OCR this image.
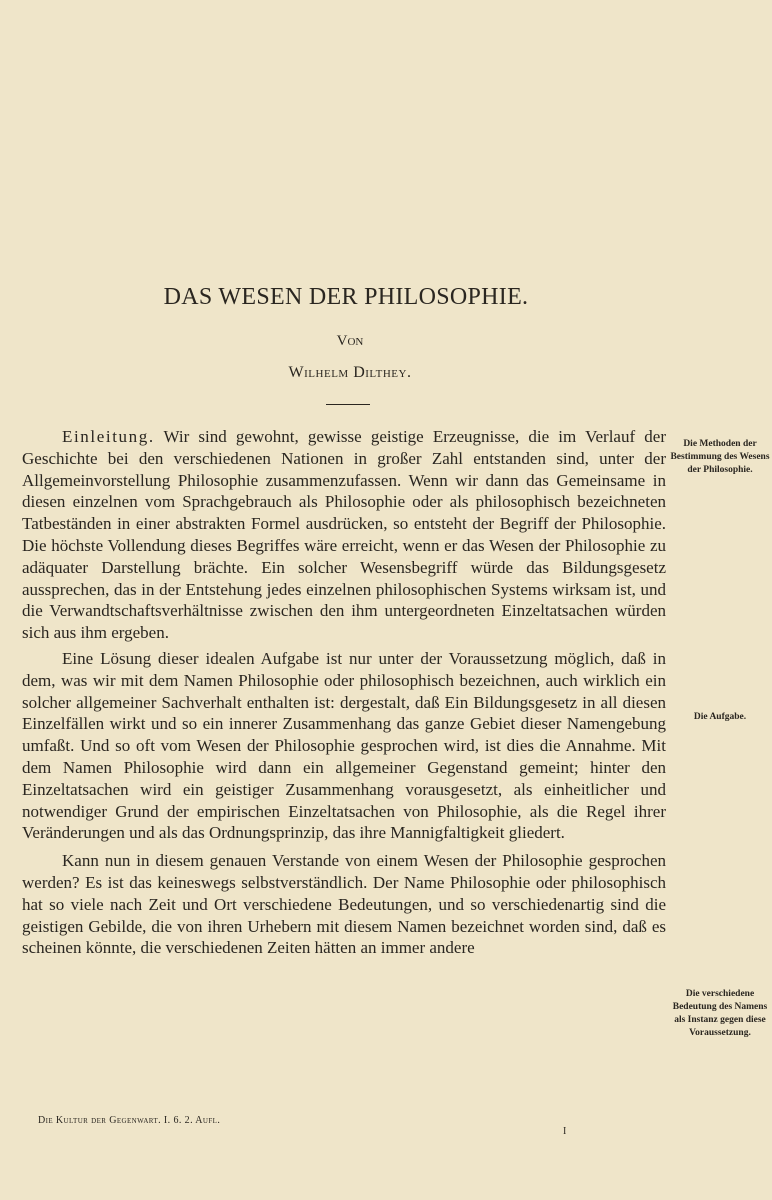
DAS WESEN DER PHILOSOPHIE.
Von
Wilhelm Dilthey.

Einleitung. Wir sind gewohnt, gewisse geistige Erzeugnisse, die im Verlauf der Geschichte bei den verschiedenen Nationen in großer Zahl entstanden sind, unter der Allgemeinvorstellung Philosophie zusammenzufassen. Wenn wir dann das Gemeinsame in diesen einzelnen vom Sprachgebrauch als Philosophie oder als philosophisch bezeichneten Tatbeständen in einer abstrakten Formel ausdrücken, so entsteht der Begriff der Philosophie. Die höchste Vollendung dieses Begriffes wäre erreicht, wenn er das Wesen der Philosophie zu adäquater Darstellung brächte. Ein solcher Wesensbegriff würde das Bildungsgesetz aussprechen, das in der Entstehung jedes einzelnen philosophischen Systems wirksam ist, und die Verwandtschaftsverhältnisse zwischen den ihm untergeordneten Einzeltatsachen würden sich aus ihm ergeben.

Eine Lösung dieser idealen Aufgabe ist nur unter der Voraussetzung möglich, daß in dem, was wir mit dem Namen Philosophie oder philosophisch bezeichnen, auch wirklich ein solcher allgemeiner Sachverhalt enthalten ist: dergestalt, daß Ein Bildungsgesetz in all diesen Einzelfällen wirkt und so ein innerer Zusammenhang das ganze Gebiet dieser Namengebung umfaßt. Und so oft vom Wesen der Philosophie gesprochen wird, ist dies die Annahme. Mit dem Namen Philosophie wird dann ein allgemeiner Gegenstand gemeint; hinter den Einzeltatsachen wird ein geistiger Zusammenhang vorausgesetzt, als einheitlicher und notwendiger Grund der empirischen Einzeltatsachen von Philosophie, als die Regel ihrer Veränderungen und als das Ordnungsprinzip, das ihre Mannigfaltigkeit gliedert.

Kann nun in diesem genauen Verstande von einem Wesen der Philosophie gesprochen werden? Es ist das keineswegs selbstverständlich. Der Name Philosophie oder philosophisch hat so viele nach Zeit und Ort verschiedene Bedeutungen, und so verschiedenartig sind die geistigen Gebilde, die von ihren Urhebern mit diesem Namen bezeichnet worden sind, daß es scheinen könnte, die verschiedenen Zeiten hätten an immer andere

Die Methoden der Bestimmung des Wesens der Philosophie.
Die Aufgabe.
Die verschiedene Bedeutung des Namens als Instanz gegen diese Voraussetzung.
Die Kultur der Gegenwart. I. 6. 2. Aufl.
I
